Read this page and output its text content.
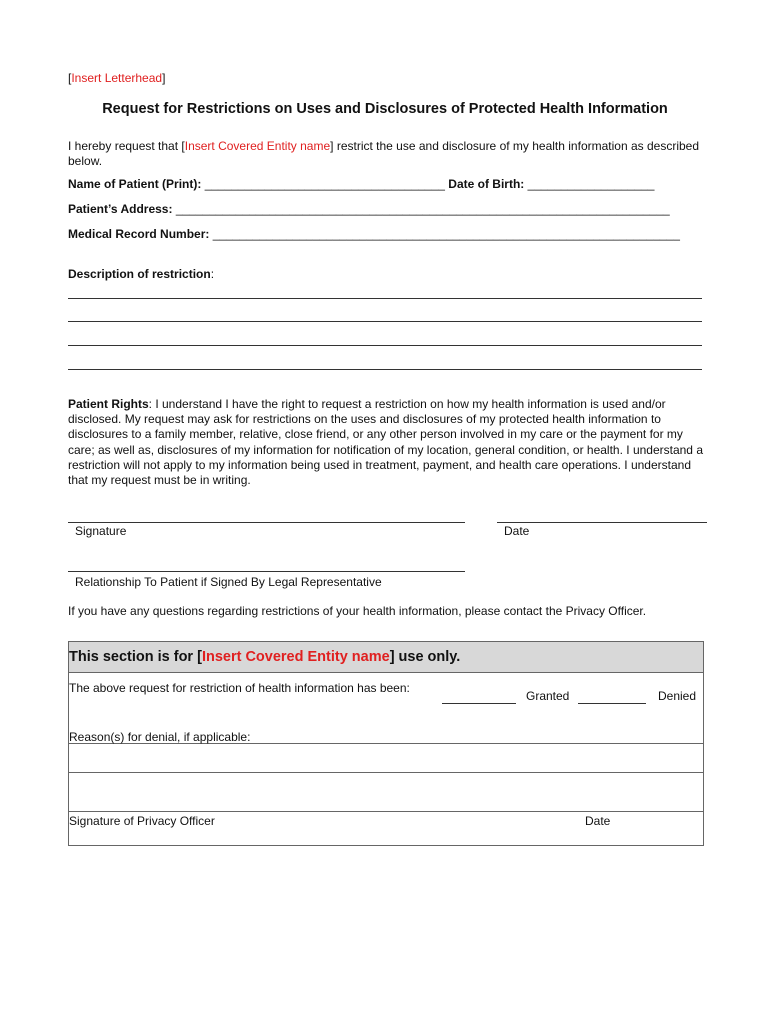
[Insert Letterhead]
Request for Restrictions on Uses and Disclosures of Protected Health Information
I hereby request that [Insert Covered Entity name] restrict the use and disclosure of my health information as described below.
Name of Patient (Print): ____________________________________ Date of Birth: ___________________
Patient’s Address: __________________________________________________________________________
Medical Record Number: ______________________________________________________________________
Description of restriction:
Patient Rights: I understand I have the right to request a restriction on how my health information is used and/or disclosed. My request may ask for restrictions on the uses and disclosures of my protected health information to disclosures to a family member, relative, close friend, or any other person involved in my care or the payment for my care; as well as, disclosures of my information for notification of my location, general condition, or health. I understand a restriction will not apply to my information being used in treatment, payment, and health care operations. I understand that my request must be in writing.
Signature	Date
Relationship To Patient if Signed By Legal Representative
If you have any questions regarding restrictions of your health information, please contact the Privacy Officer.
This section is for [Insert Covered Entity name] use only.
The above request for restriction of health information has been:
Granted	Denied
Reason(s) for denial, if applicable:
Signature of Privacy Officer	Date
